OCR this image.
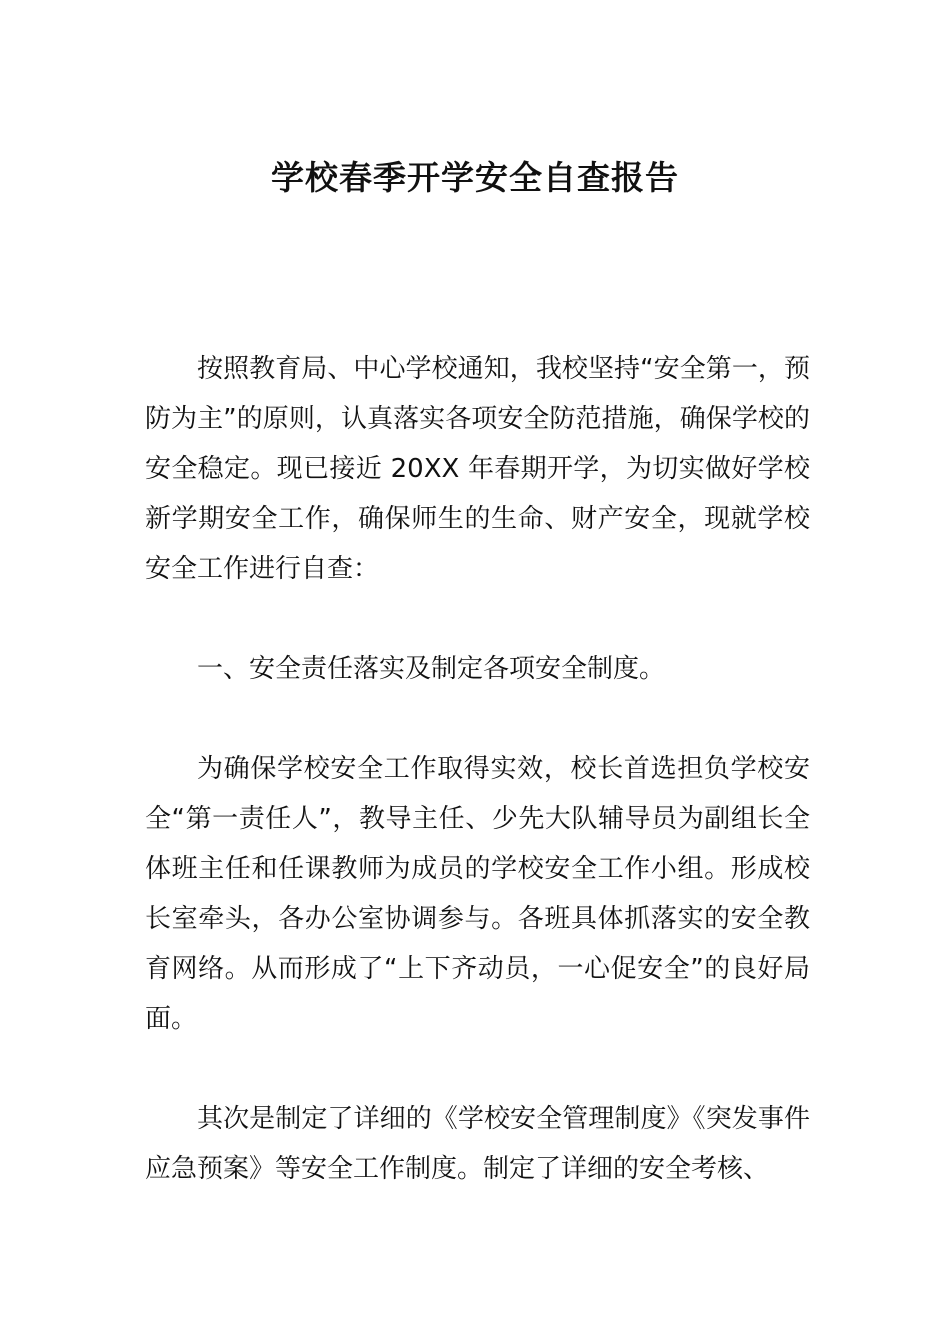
学校春季开学安全自查报告

按照教育局、中心学校通知，我校坚持“安全第一，预防为主”的原则，认真落实各项安全防范措施，确保学校的安全稳定。现已接近 20XX 年春期开学，为切实做好学校新学期安全工作，确保师生的生命、财产安全，现就学校安全工作进行自查：

一、安全责任落实及制定各项安全制度。

为确保学校安全工作取得实效，校长首选担负学校安全“第一责任人”，教导主任、少先大队辅导员为副组长全体班主任和任课教师为成员的学校安全工作小组。形成校长室牵头，各办公室协调参与。各班具体抓落实的安全教育网络。从而形成了“上下齐动员，一心促安全”的良好局面。

其次是制定了详细的《学校安全管理制度》《突发事件应急预案》等安全工作制度。制定了详细的安全考核、
